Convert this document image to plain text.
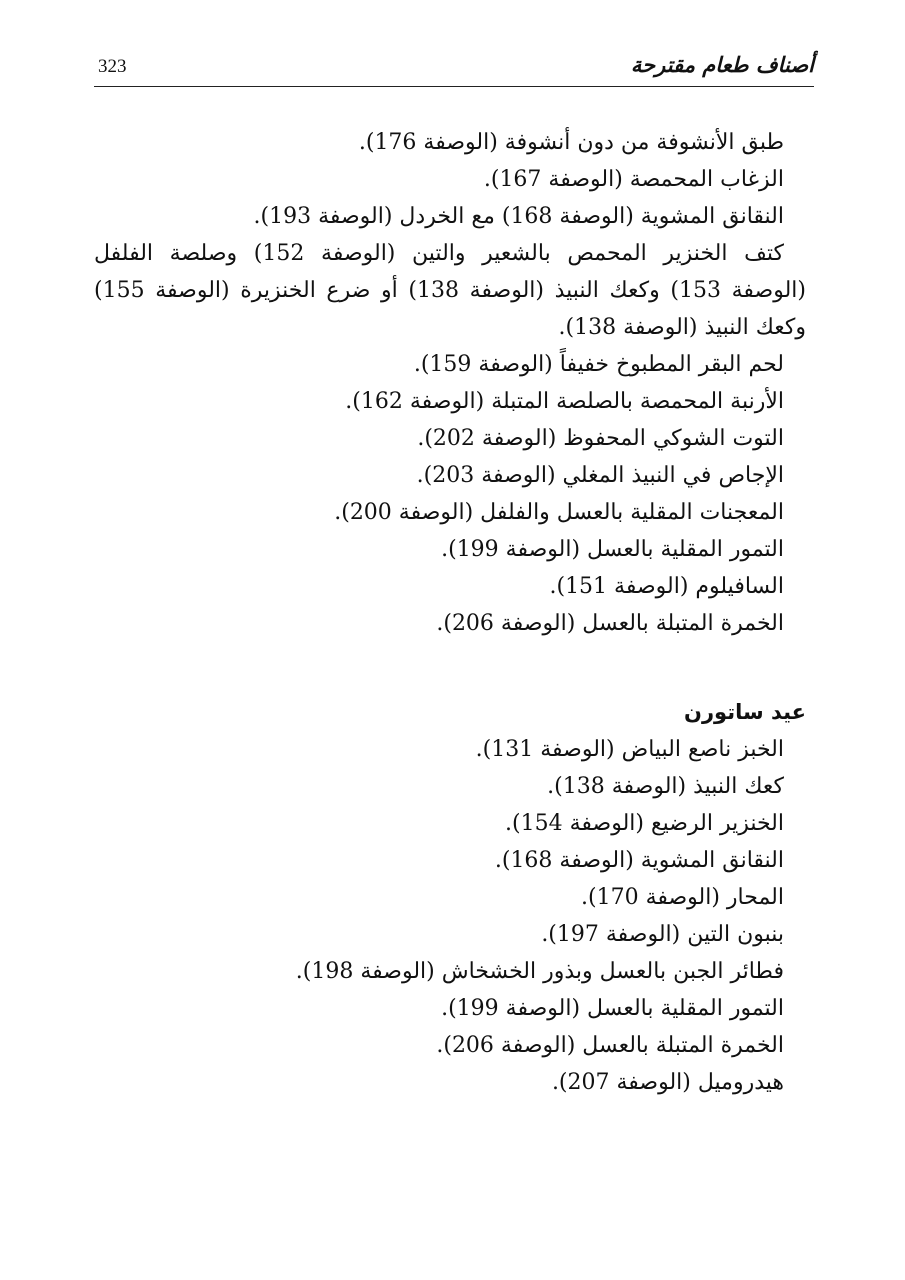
323	أصناف طعام مقترحة

طبق الأنشوفة من دون أنشوفة (الوصفة 176).

الزغاب المحمصة (الوصفة 167).

النقانق المشوية (الوصفة 168) مع الخردل (الوصفة 193).

كتف الخنزير المحمص بالشعير والتين (الوصفة 152) وصلصة الفلفل (الوصفة 153) وكعك النبيذ (الوصفة 138) أو ضرع الخنزيرة (الوصفة 155) وكعك النبيذ (الوصفة 138).

لحم البقر المطبوخ خفيفاً (الوصفة 159).

الأرنبة المحمصة بالصلصة المتبلة (الوصفة 162).

التوت الشوكي المحفوظ (الوصفة 202).

الإجاص في النبيذ المغلي (الوصفة 203).

المعجنات المقلية بالعسل والفلفل (الوصفة 200).

التمور المقلية بالعسل (الوصفة 199).

السافيلوم (الوصفة 151).

الخمرة المتبلة بالعسل (الوصفة 206).

عيد ساتورن

الخبز ناصع البياض (الوصفة 131).

كعك النبيذ (الوصفة 138).

الخنزير الرضيع (الوصفة 154).

النقانق المشوية (الوصفة 168).

المحار (الوصفة 170).

بنبون التين (الوصفة 197).

فطائر الجبن بالعسل وبذور الخشخاش (الوصفة 198).

التمور المقلية بالعسل (الوصفة 199).

الخمرة المتبلة بالعسل (الوصفة 206).

هيدروميل (الوصفة 207).
